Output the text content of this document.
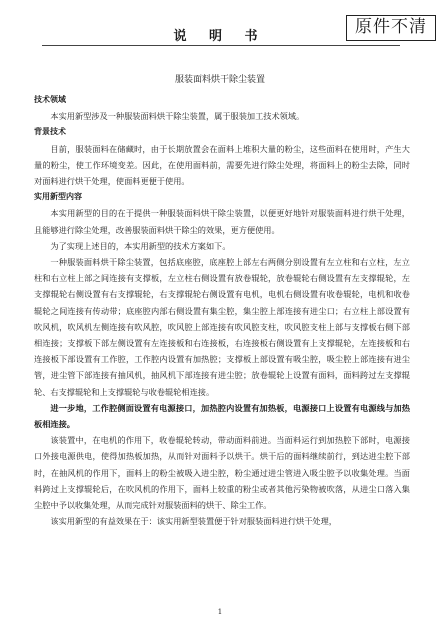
说 明 书	原件不清
服装面料烘干除尘装置

技术领域

本实用新型涉及一种服装面料烘干除尘装置，属于服装加工技术领域。

背景技术

目前，服装面料在储藏时，由于长期放置会在面料上堆积大量的粉尘，这些面料在使用时，产生大量的粉尘，使工作环境变差。因此，在使用面料前，需要先进行除尘处理，将面料上的粉尘去除，同时对面料进行烘干处理，使面料更便于使用。

实用新型内容

本实用新型的目的在于提供一种服装面料烘干除尘装置，以便更好地针对服装面料进行烘干处理，且能够进行除尘处理，改善服装面料烘干除尘的效果，更方便使用。

为了实现上述目的，本实用新型的技术方案如下。

一种服装面料烘干除尘装置，包括底座腔，底座腔上部左右两侧分别设置有左立柱和右立柱，左立柱和右立柱上部之间连接有支撑板，左立柱右侧设置有放卷辊轮，放卷辊轮右侧设置有左支撑辊轮，左支撑辊轮右侧设置有右支撑辊轮，右支撑辊轮右侧设置有电机，电机右侧设置有收卷辊轮，电机和收卷辊轮之间连接有传动带；底座腔内部右侧设置有集尘腔，集尘腔上部连接有进尘口；右立柱上部设置有吹风机，吹风机左侧连接有吹风腔，吹风腔上部连接有吹风腔支柱，吹风腔支柱上部与支撑板右侧下部相连接；支撑板下部左侧设置有左连接板和右连接板，右连接板右侧设置有上支撑辊轮，左连接板和右连接板下部设置有工作腔，工作腔内设置有加热腔；支撑板上部设置有吸尘腔，吸尘腔上部连接有进尘管，进尘管下部连接有抽风机，抽风机下部连接有进尘腔；放卷辊轮上设置有面料，面料跨过左支撑辊轮、右支撑辊轮和上支撑辊轮与收卷辊轮相连接。

进一步地，工作腔侧面设置有电源接口，加热腔内设置有加热板，电源接口上设置有电源线与加热板相连接。

该装置中，在电机的作用下，收卷辊轮转动，带动面料前进。当面料运行到加热腔下部时，电源接口外接电源供电，使得加热板加热，从而针对面料予以烘干。烘干后的面料继续前行，到达进尘腔下部时，在抽风机的作用下，面料上的粉尘被吸入进尘腔，粉尘通过进尘管进入吸尘腔予以收集处理。当面料跨过上支撑辊轮后，在吹风机的作用下，面料上较重的粉尘或者其他污染物被吹落，从进尘口落入集尘腔中予以收集处理，从而完成针对服装面料的烘干、除尘工作。

该实用新型的有益效果在于：该实用新型装置便于针对服装面料进行烘干处理，

1
